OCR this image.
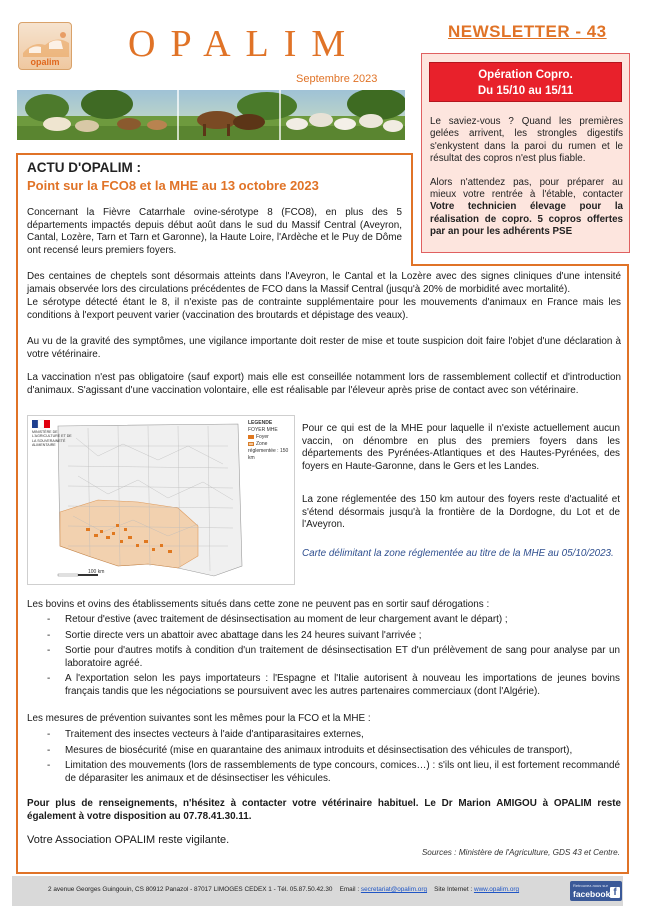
opalim	OPALIM
Septembre 2023
NEWSLETTER - 43
Opération Copro.
Du 15/10 au 15/11

Le saviez-vous ? Quand les premières gelées arrivent, les strongles digestifs s'enkystent dans la paroi du rumen et le résultat des copros n'est plus fiable.

Alors n'attendez pas, pour préparer au mieux votre rentrée à l'étable, contacter Votre technicien élevage pour la réalisation de copro. 5 copros offertes par an pour les adhérents PSE

ACTU D'OPALIM :
Point sur la FCO8 et la MHE au 13 octobre 2023
Concernant la Fièvre Catarrhale ovine-sérotype 8 (FCO8), en plus des 5 départements impactés depuis début août dans le sud du Massif Central (Aveyron, Cantal, Lozère, Tarn et Tarn et Garonne), la Haute Loire, l'Ardèche et le Puy de Dôme ont recensé leurs premiers foyers.
Des centaines de cheptels sont désormais atteints dans l'Aveyron, le Cantal et la Lozère avec des signes cliniques d'une intensité jamais observée lors des circulations précédentes de FCO dans la Massif Central (jusqu'à 20% de morbidité avec mortalité).
Le sérotype détecté étant le 8, il n'existe pas de contrainte supplémentaire pour les mouvements d'animaux en France mais les conditions à l'export peuvent varier (vaccination des broutards et dépistage des veaux).
Au vu de la gravité des symptômes, une vigilance importante doit rester de mise et toute suspicion doit faire l'objet d'une déclaration à votre vétérinaire.
La vaccination n'est pas obligatoire (sauf export) mais elle est conseillée notamment lors de rassemblement collectif et d'introduction d'animaux. S'agissant d'une vaccination volontaire, elle est réalisable par l'éleveur après prise de contact avec son vétérinaire.
MINISTÈRE DE L'AGRICULTURE ET DE LA SOUVERAINETÉ ALIMENTAIRE
100 km
LEGENDE
FOYER MHE
Foyer
Zone réglementée : 150 km
Pour ce qui est de la MHE pour laquelle il n'existe actuellement aucun vaccin, on dénombre en plus des premiers foyers dans les départements des Pyrénées-Atlantiques et des Hautes-Pyrénées, des foyers en Haute-Garonne, dans le Gers et les Landes.
La zone réglementée des 150 km autour des foyers reste d'actualité et s'étend désormais jusqu'à la frontière de la Dordogne, du Lot et de l'Aveyron.
Carte délimitant la zone réglementée au titre de la MHE au 05/10/2023.
Les bovins et ovins des établissements situés dans cette zone ne peuvent pas en sortir sauf dérogations :
- Retour d'estive (avec traitement de désinsectisation au moment de leur chargement avant le départ) ;
- Sortie directe vers un abattoir avec abattage dans les 24 heures suivant l'arrivée ;
- Sortie pour d'autres motifs à condition d'un traitement de désinsectisation ET d'un prélèvement de sang pour analyse par un laboratoire agréé.
- A l'exportation selon les pays importateurs : l'Espagne et l'Italie autorisent à nouveau les importations de jeunes bovins français tandis que les négociations se poursuivent avec les autres partenaires commerciaux (dont l'Algérie).
Les mesures de prévention suivantes sont les mêmes pour la FCO et la MHE :
- Traitement des insectes vecteurs à l'aide d'antiparasitaires externes,
- Mesures de biosécurité (mise en quarantaine des animaux introduits et désinsectisation des véhicules de transport),
- Limitation des mouvements (lors de rassemblements de type concours, comices…) : s'ils ont lieu, il est fortement recommandé de déparasiter les animaux et de désinsectiser les véhicules.
Pour plus de renseignements, n'hésitez à contacter votre vétérinaire habituel. Le Dr Marion AMIGOU à OPALIM reste également à votre disposition au 07.78.41.30.11.
Votre Association OPALIM reste vigilante.
Sources : Ministère de l'Agriculture, GDS 43 et Centre.
2 avenue Georges Guingouin, CS 80912 Panazol - 87017 LIMOGES CEDEX 1 - Tél. 05.87.50.42.30 Email : secretariat@opalim.org Site Internet : www.opalim.org
Retrouvez-nous sur
facebook f
